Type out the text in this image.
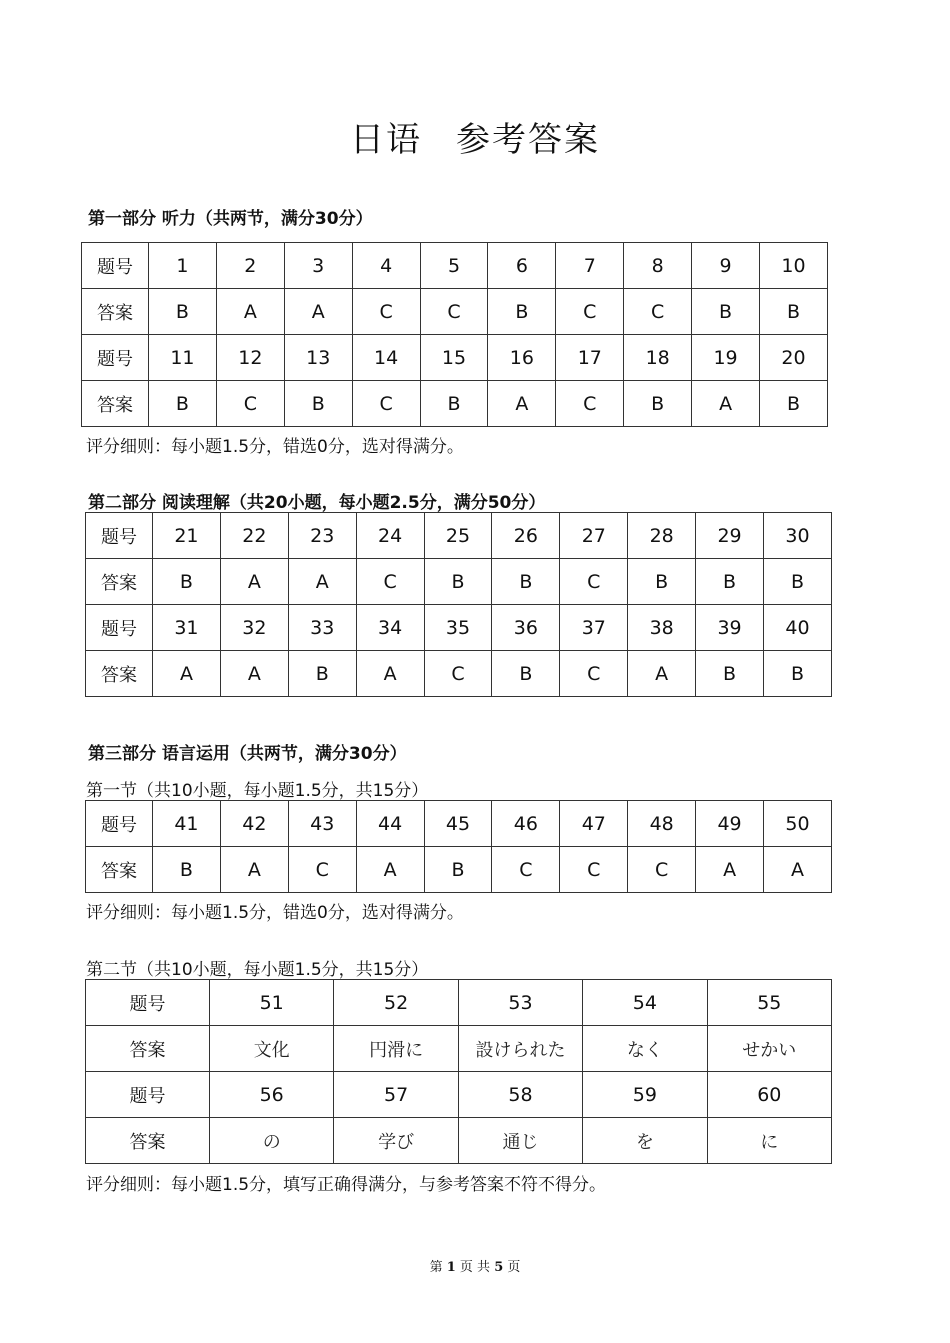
日语 参考答案
第一部分 听力（共两节，满分30分）
题号	1	2	3	4	5	6	7	8	9	10
答案	B	A	A	C	C	B	C	C	B	B
题号	11	12	13	14	15	16	17	18	19	20
答案	B	C	B	C	B	A	C	B	A	B
评分细则：每小题1.5分，错选0分，选对得满分。
第二部分 阅读理解（共20小题，每小题2.5分，满分50分）
题号	21	22	23	24	25	26	27	28	29	30
答案	B	A	A	C	B	B	C	B	B	B
题号	31	32	33	34	35	36	37	38	39	40
答案	A	A	B	A	C	B	C	A	B	B
第三部分 语言运用（共两节，满分30分）
第一节（共10小题，每小题1.5分，共15分）
题号	41	42	43	44	45	46	47	48	49	50
答案	B	A	C	A	B	C	C	C	A	A
评分细则：每小题1.5分，错选0分，选对得满分。
第二节（共10小题，每小题1.5分，共15分）
题号	51	52	53	54	55
答案	文化	円滑に	設けられた	なく	せかい
题号	56	57	58	59	60
答案	の	学び	通じ	を	に
评分细则：每小题1.5分，填写正确得满分，与参考答案不符不得分。
第 1 页 共 5 页
